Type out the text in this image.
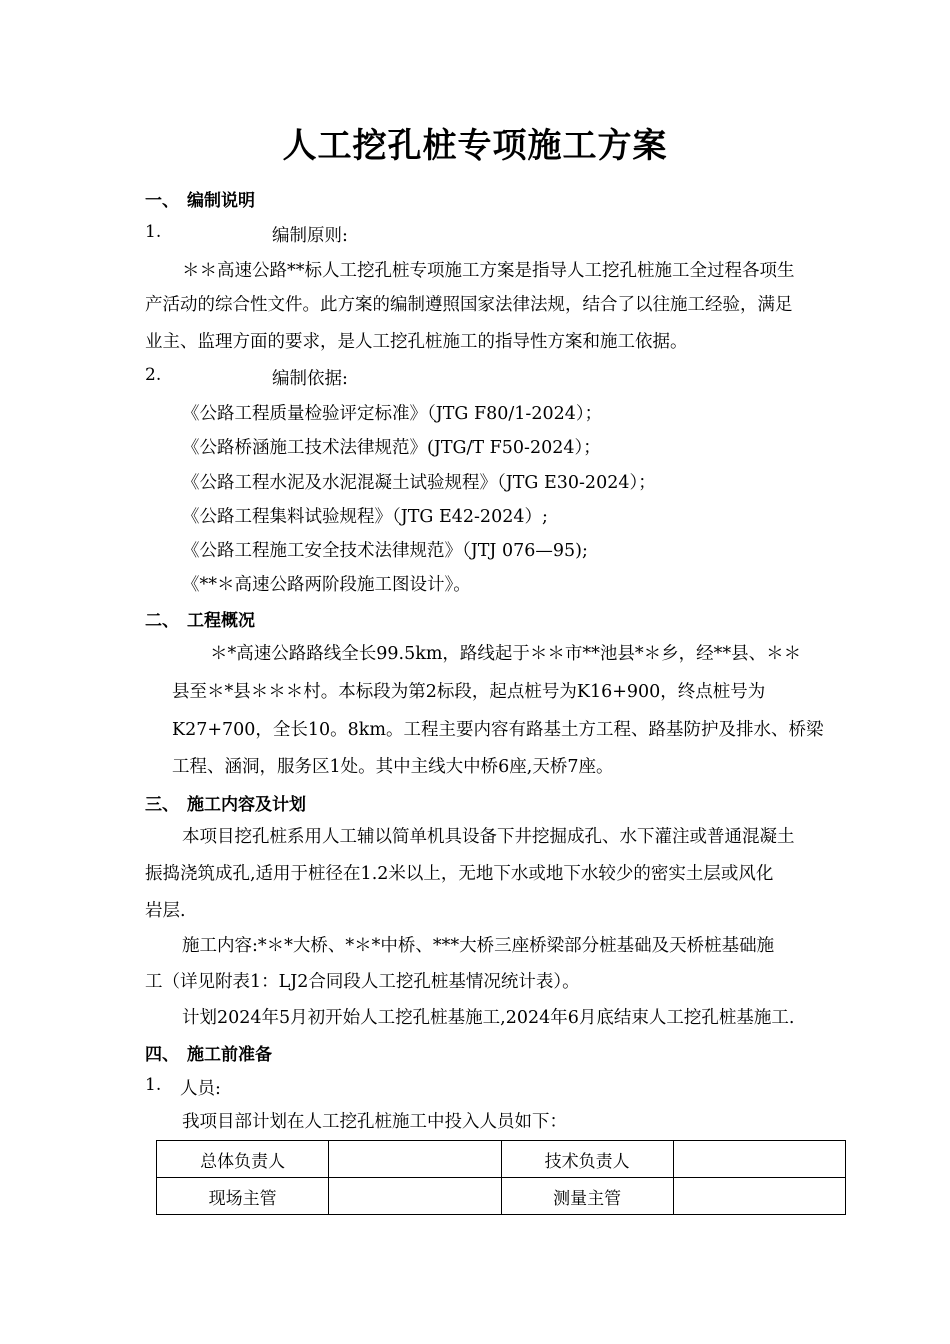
人工挖孔桩专项施工方案
一、 编制说明
1.	编制原则:
＊＊高速公路**标人工挖孔桩专项施工方案是指导人工挖孔桩施工全过程各项生
产活动的综合性文件。此方案的编制遵照国家法律法规，结合了以往施工经验，满足
业主、监理方面的要求，是人工挖孔桩施工的指导性方案和施工依据。
2.	编制依据:
《公路工程质量检验评定标准》（JTG F80/1-2024）；
《公路桥涵施工技术法律规范》(JTG/T F50-2024）；
《公路工程水泥及水泥混凝土试验规程》（JTG E30-2024）；
《公路工程集料试验规程》（JTG E42-2024）;
《公路工程施工安全技术法律规范》（JTJ 076—95);
《**＊高速公路两阶段施工图设计》。
二、 工程概况
＊*高速公路路线全长99.5km，路线起于＊＊市**池县*＊乡，经**县、＊＊
县至＊*县＊＊＊村。本标段为第2标段，起点桩号为K16+900，终点桩号为
K27+700，全长10。8km。工程主要内容有路基土方工程、路基防护及排水、桥梁
工程、涵洞，服务区1处。其中主线大中桥6座,天桥7座。
三、 施工内容及计划
本项目挖孔桩系用人工辅以简单机具设备下井挖掘成孔、水下灌注或普通混凝土
振捣浇筑成孔,适用于桩径在1.2米以上，无地下水或地下水较少的密实土层或风化
岩层.
施工内容:*＊*大桥、*＊*中桥、***大桥三座桥梁部分桩基础及天桥桩基础施
工（详见附表1：LJ2合同段人工挖孔桩基情况统计表）。
计划2024年5月初开始人工挖孔桩基施工,2024年6月底结束人工挖孔桩基施工.
四、 施工前准备
1. 人员:
我项目部计划在人工挖孔桩施工中投入人员如下：
总体负责人		技术负责人	
现场主管		测量主管	
